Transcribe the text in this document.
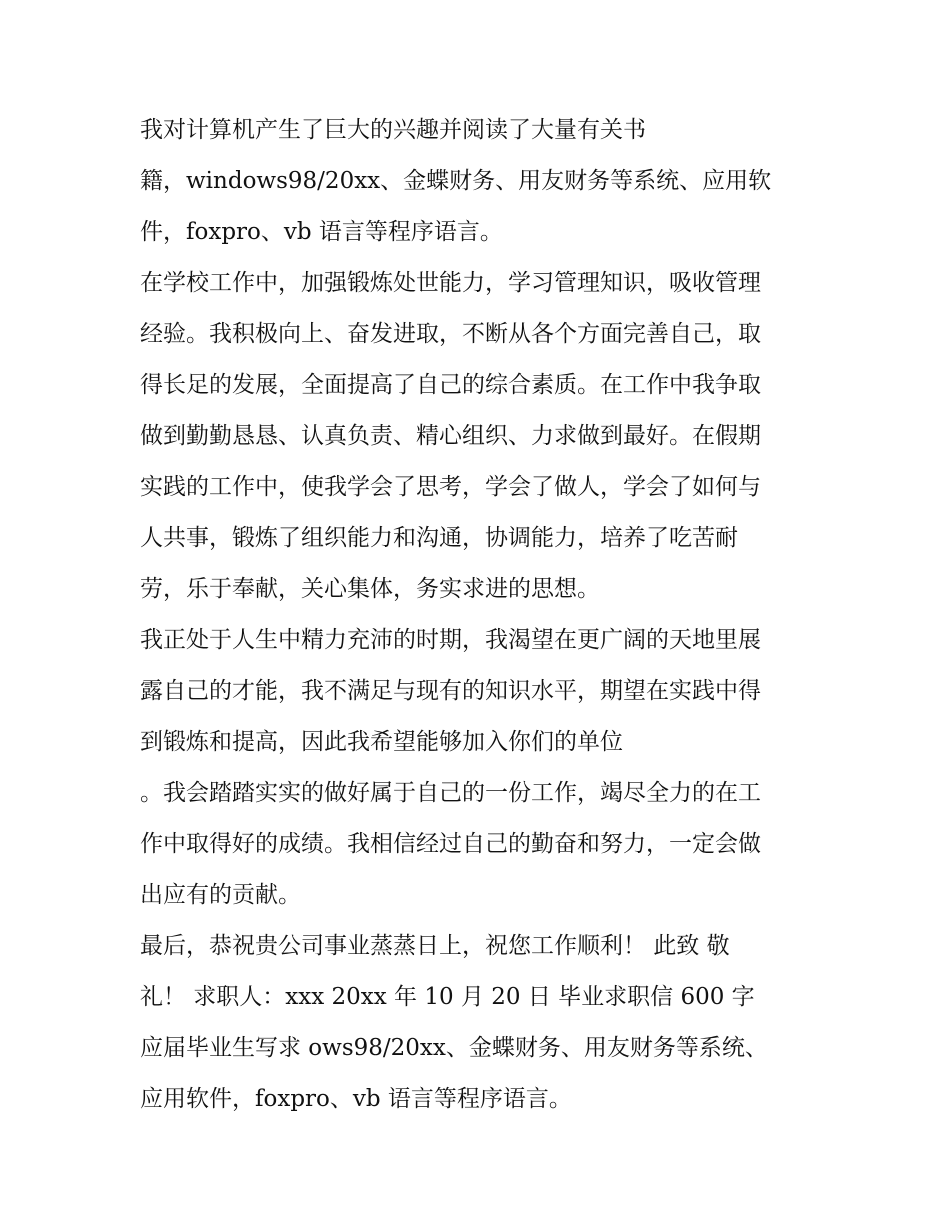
我对计算机产生了巨大的兴趣并阅读了大量有关书
籍，windows98/20xx、金蝶财务、用友财务等系统、应用软
件，foxpro、vb 语言等程序语言。
在学校工作中，加强锻炼处世能力，学习管理知识，吸收管理
经验。我积极向上、奋发进取，不断从各个方面完善自己，取
得长足的发展，全面提高了自己的综合素质。在工作中我争取
做到勤勤恳恳、认真负责、精心组织、力求做到最好。在假期
实践的工作中，使我学会了思考，学会了做人，学会了如何与
人共事，锻炼了组织能力和沟通，协调能力，培养了吃苦耐
劳，乐于奉献，关心集体，务实求进的思想。
我正处于人生中精力充沛的时期，我渴望在更广阔的天地里展
露自己的才能，我不满足与现有的知识水平，期望在实践中得
到锻炼和提高，因此我希望能够加入你们的单位
。我会踏踏实实的做好属于自己的一份工作，竭尽全力的在工
作中取得好的成绩。我相信经过自己的勤奋和努力，一定会做
出应有的贡献。
最后，恭祝贵公司事业蒸蒸日上，祝您工作顺利！ 此致 敬
礼！ 求职人：xxx 20xx 年 10 月 20 日 毕业求职信 600 字
应届毕业生写求 ows98/20xx、金蝶财务、用友财务等系统、
应用软件，foxpro、vb 语言等程序语言。
